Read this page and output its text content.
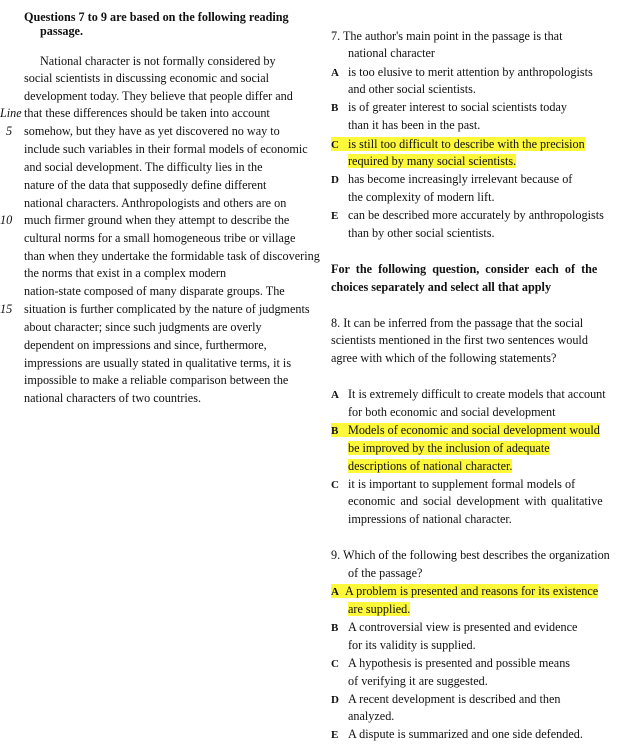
Questions 7 to 9 are based on the following reading
passage.
National character is not formally considered by
social scientists in discussing economic and social
development today. They believe that people differ and
that these differences should be taken into account
somehow, but they have as yet discovered no way to
include such variables in their formal models of economic
and social development. The difficulty lies in the
nature of the data that supposedly define different
national characters. Anthropologists and others are on
much firmer ground when they attempt to describe the
cultural norms for a small homogeneous tribe or village
than when they undertake the formidable task of discovering
the norms that exist in a complex modern
nation-state composed of many disparate groups. The
situation is further complicated by the nature of judgments
about character; since such judgments are overly
dependent on impressions and since, furthermore,
impressions are usually stated in qualitative terms, it is
impossible to make a reliable comparison between the
national characters of two countries.
Line
5
10
15
7. The author's main point in the passage is that
national character
A is too elusive to merit attention by anthropologists
and other social scientists.
B is of greater interest to social scientists today
than it has been in the past.
C is still too difficult to describe with the precision
required by many social scientists.
D has become increasingly irrelevant because of
the complexity of modern lift.
E can be described more accurately by anthropologists
than by other social scientists.
For the following question, consider each of the
choices separately and select all that apply
8. It can be inferred from the passage that the social
scientists mentioned in the first two sentences would
agree with which of the following statements?
A It is extremely difficult to create models that account
for both economic and social development
B Models of economic and social development would
be improved by the inclusion of adequate
descriptions of national character.
C it is important to supplement formal models of
economic and social development with qualitative
impressions of national character.
9. Which of the following best describes the organization
of the passage?
A A problem is presented and reasons for its existence
are supplied.
B A controversial view is presented and evidence
for its validity is supplied.
C A hypothesis is presented and possible means
of verifying it are suggested.
D A recent development is described and then
analyzed.
E A dispute is summarized and one side defended.
